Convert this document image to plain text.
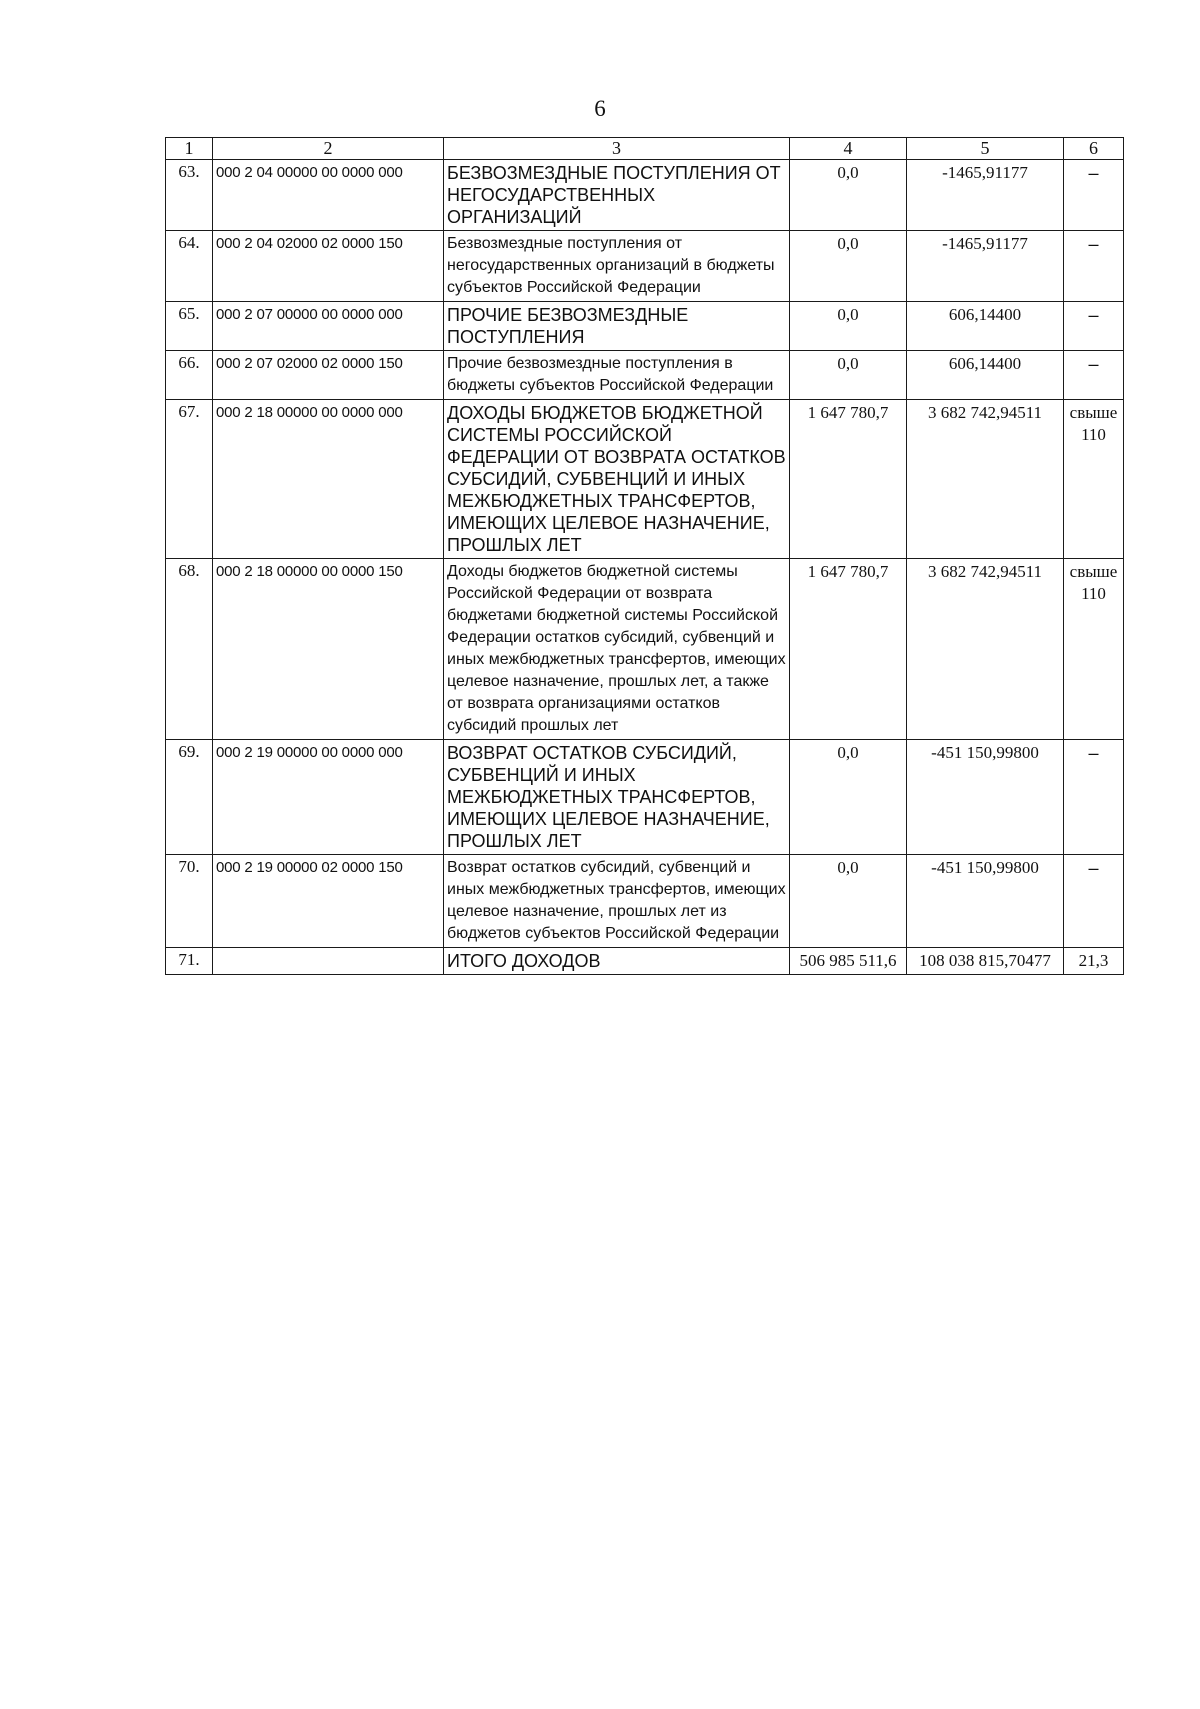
6
1	2	3	4	5	6
63.	000 2 04 00000 00 0000 000	БЕЗВОЗМЕЗДНЫЕ ПОСТУПЛЕНИЯ ОТ НЕГОСУДАРСТВЕННЫХ ОРГАНИЗАЦИЙ	0,0	-1465,91177	–
64.	000 2 04 02000 02 0000 150	Безвозмездные поступления от негосударственных организаций в бюджеты субъектов Российской Федерации	0,0	-1465,91177	–
65.	000 2 07 00000 00 0000 000	ПРОЧИЕ БЕЗВОЗМЕЗДНЫЕ ПОСТУПЛЕНИЯ	0,0	606,14400	–
66.	000 2 07 02000 02 0000 150	Прочие безвозмездные поступления в бюджеты субъектов Российской Федерации	0,0	606,14400	–
67.	000 2 18 00000 00 0000 000	ДОХОДЫ БЮДЖЕТОВ БЮДЖЕТНОЙ СИСТЕМЫ РОССИЙСКОЙ ФЕДЕРАЦИИ ОТ ВОЗВРАТА ОСТАТКОВ СУБСИДИЙ, СУБВЕНЦИЙ И ИНЫХ МЕЖБЮДЖЕТНЫХ ТРАНСФЕРТОВ, ИМЕЮЩИХ ЦЕЛЕВОЕ НАЗНАЧЕНИЕ, ПРОШЛЫХ ЛЕТ	1 647 780,7	3 682 742,94511	свыше 110
68.	000 2 18 00000 00 0000 150	Доходы бюджетов бюджетной системы Российской Федерации от возврата бюджетами бюджетной системы Российской Федерации остатков субсидий, субвенций и иных межбюджетных трансфертов, имеющих целевое назначение, прошлых лет, а также от возврата организациями остатков субсидий прошлых лет	1 647 780,7	3 682 742,94511	свыше 110
69.	000 2 19 00000 00 0000 000	ВОЗВРАТ ОСТАТКОВ СУБСИДИЙ, СУБВЕНЦИЙ И ИНЫХ МЕЖБЮДЖЕТНЫХ ТРАНСФЕРТОВ, ИМЕЮЩИХ ЦЕЛЕВОЕ НАЗНАЧЕНИЕ, ПРОШЛЫХ ЛЕТ	0,0	-451 150,99800	–
70.	000 2 19 00000 02 0000 150	Возврат остатков субсидий, субвенций и иных межбюджетных трансфертов, имеющих целевое назначение, прошлых лет из бюджетов субъектов Российской Федерации	0,0	-451 150,99800	–
71.		ИТОГО ДОХОДОВ	506 985 511,6	108 038 815,70477	21,3
